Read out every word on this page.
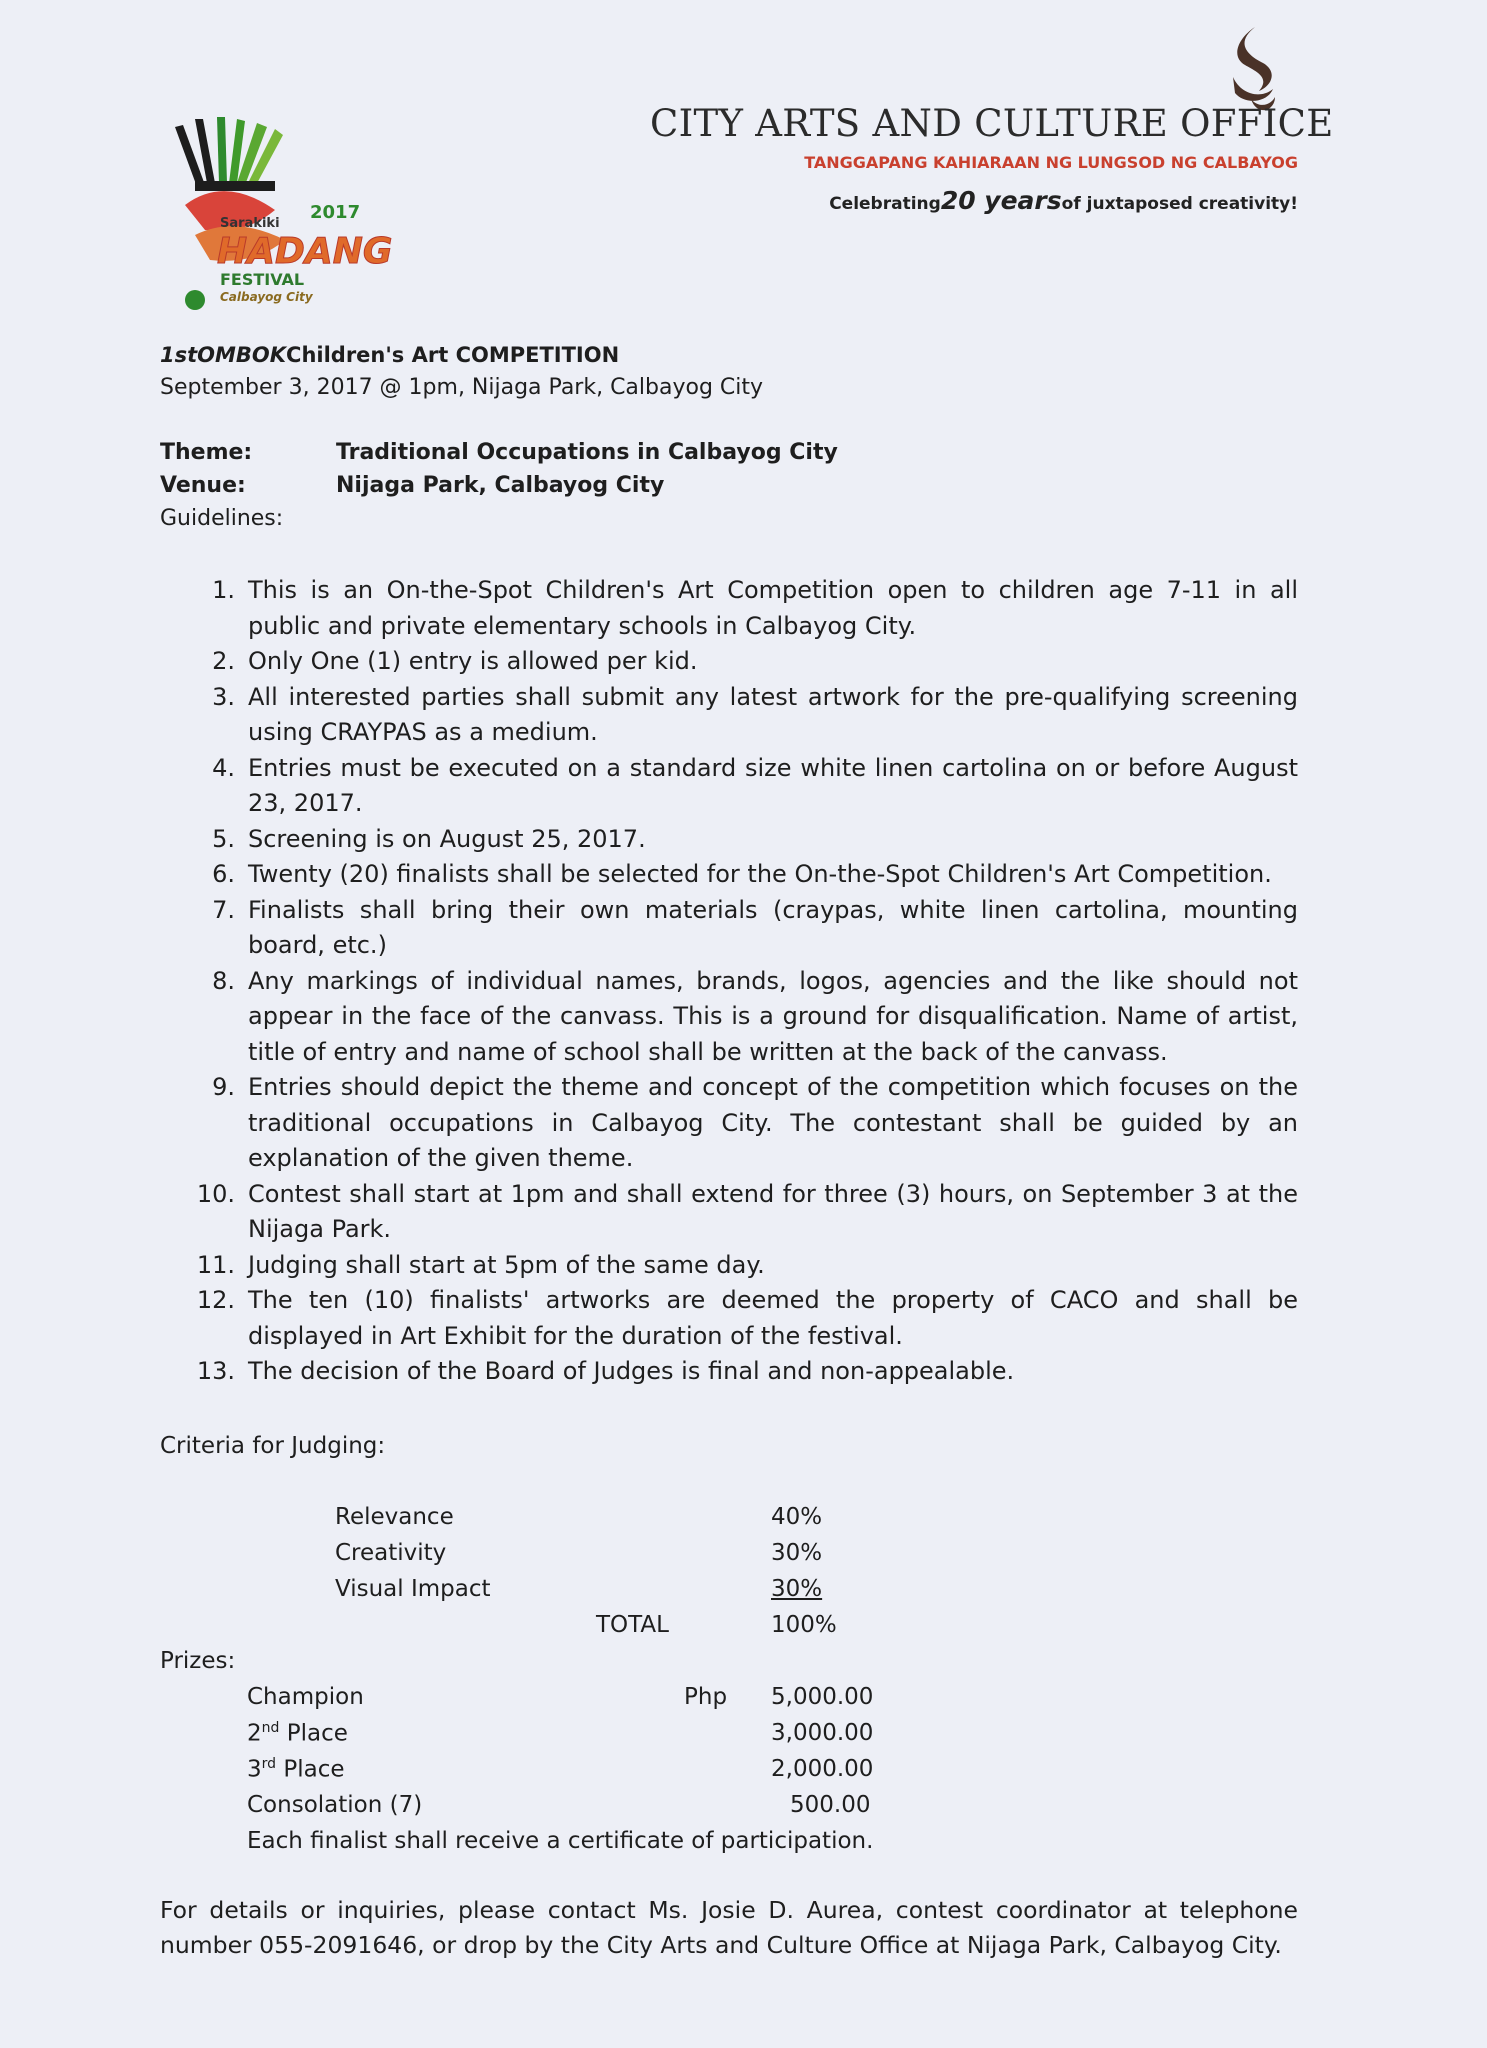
Sarakiki
2017
HADANG
FESTIVAL
Calbayog City
CITY ARTS AND CULTURE OFFICE
TANGGAPANG KAHIARAAN NG LUNGSOD NG CALBAYOG
Celebrating20 yearsof juxtaposed creativity!
1stOMBOKChildren's Art COMPETITION
September 3, 2017 @ 1pm, Nijaga Park, Calbayog City
Theme:	Traditional Occupations in Calbayog City
Venue:	Nijaga Park, Calbayog City
Guidelines:
1. This is an On-the-Spot Children's Art Competition open to children age 7-11 in all public and private elementary schools in Calbayog City.
2. Only One (1) entry is allowed per kid.
3. All interested parties shall submit any latest artwork for the pre-qualifying screening using CRAYPAS as a medium.
4. Entries must be executed on a standard size white linen cartolina on or before August 23, 2017.
5. Screening is on August 25, 2017.
6. Twenty (20) finalists shall be selected for the On-the-Spot Children's Art Competition.
7. Finalists shall bring their own materials (craypas, white linen cartolina, mounting board, etc.)
8. Any markings of individual names, brands, logos, agencies and the like should not appear in the face of the canvass. This is a ground for disqualification. Name of artist, title of entry and name of school shall be written at the back of the canvass.
9. Entries should depict the theme and concept of the competition which focuses on the traditional occupations in Calbayog City. The contestant shall be guided by an explanation of the given theme.
10. Contest shall start at 1pm and shall extend for three (3) hours, on September 3 at the Nijaga Park.
11. Judging shall start at 5pm of the same day.
12. The ten (10) finalists' artworks are deemed the property of CACO and shall be displayed in Art Exhibit for the duration of the festival.
13. The decision of the Board of Judges is final and non-appealable.
Criteria for Judging:
Relevance	40%
Creativity	30%
Visual Impact	30%
TOTAL	100%
Prizes:
Champion	Php 5,000.00
2nd Place	3,000.00
3rd Place	2,000.00
Consolation (7)	500.00
Each finalist shall receive a certificate of participation.
For details or inquiries, please contact Ms. Josie D. Aurea, contest coordinator at telephone number 055-2091646, or drop by the City Arts and Culture Office at Nijaga Park, Calbayog City.
